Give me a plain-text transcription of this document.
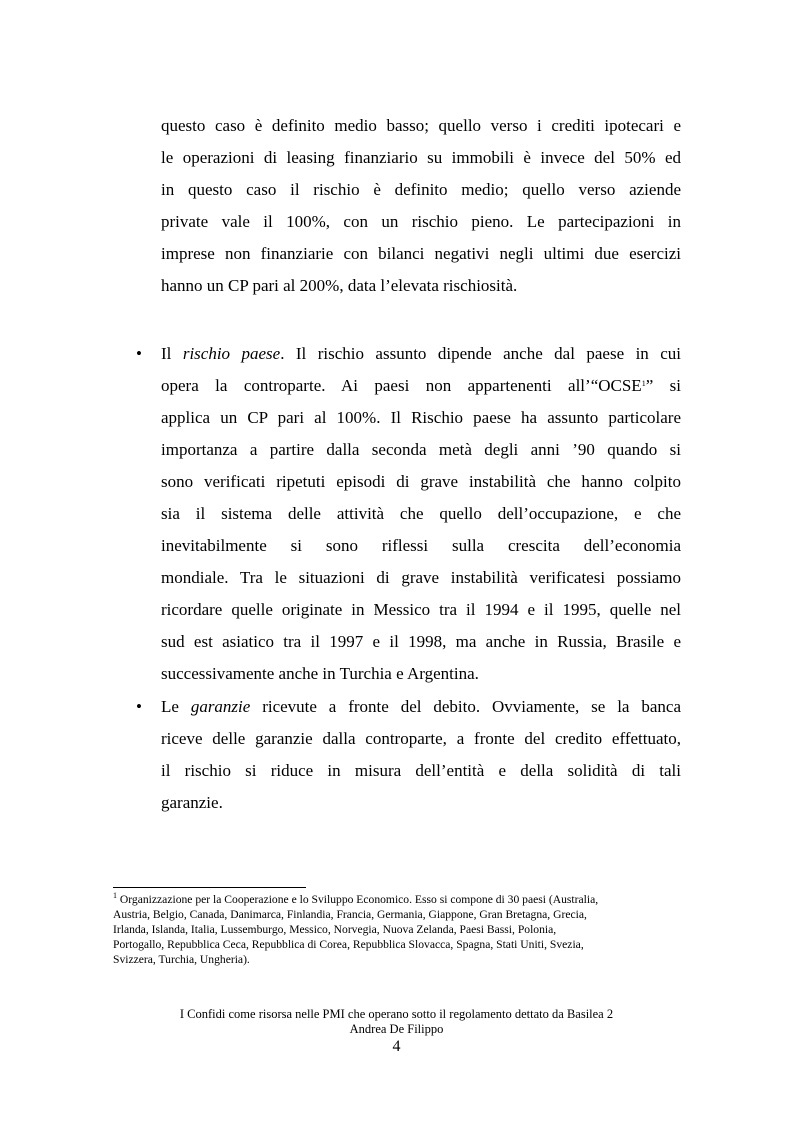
questo caso è definito medio basso; quello verso i crediti ipotecari e
le operazioni di leasing finanziario su immobili è invece del 50% ed
in questo caso il rischio è definito medio; quello verso aziende
private vale il 100%, con un rischio pieno. Le partecipazioni in
imprese non finanziarie con bilanci negativi negli ultimi due esercizi
hanno un CP pari al 200%, data l’elevata rischiosità.
• Il rischio paese. Il rischio assunto dipende anche dal paese in cui
opera la controparte. Ai paesi non appartenenti all’“OCSE$^1$” si
applica un CP pari al 100%. Il Rischio paese ha assunto particolare
importanza a partire dalla seconda metà degli anni ’90 quando si
sono verificati ripetuti episodi di grave instabilità che hanno colpito
sia il sistema delle attività che quello dell’occupazione, e che
inevitabilmente si sono riflessi sulla crescita dell’economia
mondiale. Tra le situazioni di grave instabilità verificatesi possiamo
ricordare quelle originate in Messico tra il 1994 e il 1995, quelle nel
sud est asiatico tra il 1997 e il 1998, ma anche in Russia, Brasile e
successivamente anche in Turchia e Argentina.
• Le garanzie ricevute a fronte del debito. Ovviamente, se la banca
riceve delle garanzie dalla controparte, a fronte del credito effettuato,
il rischio si riduce in misura dell’entità e della solidità di tali
garanzie.
$^1$ Organizzazione per la Cooperazione e lo Sviluppo Economico. Esso si compone di 30 paesi (Australia,
Austria, Belgio, Canada, Danimarca, Finlandia, Francia, Germania, Giappone, Gran Bretagna, Grecia,
Irlanda, Islanda, Italia, Lussemburgo, Messico, Norvegia, Nuova Zelanda, Paesi Bassi, Polonia,
Portogallo, Repubblica Ceca, Repubblica di Corea, Repubblica Slovacca, Spagna, Stati Uniti, Svezia,
Svizzera, Turchia, Ungheria).
I Confidi come risorsa nelle PMI che operano sotto il regolamento dettato da Basilea 2
Andrea De Filippo
4
